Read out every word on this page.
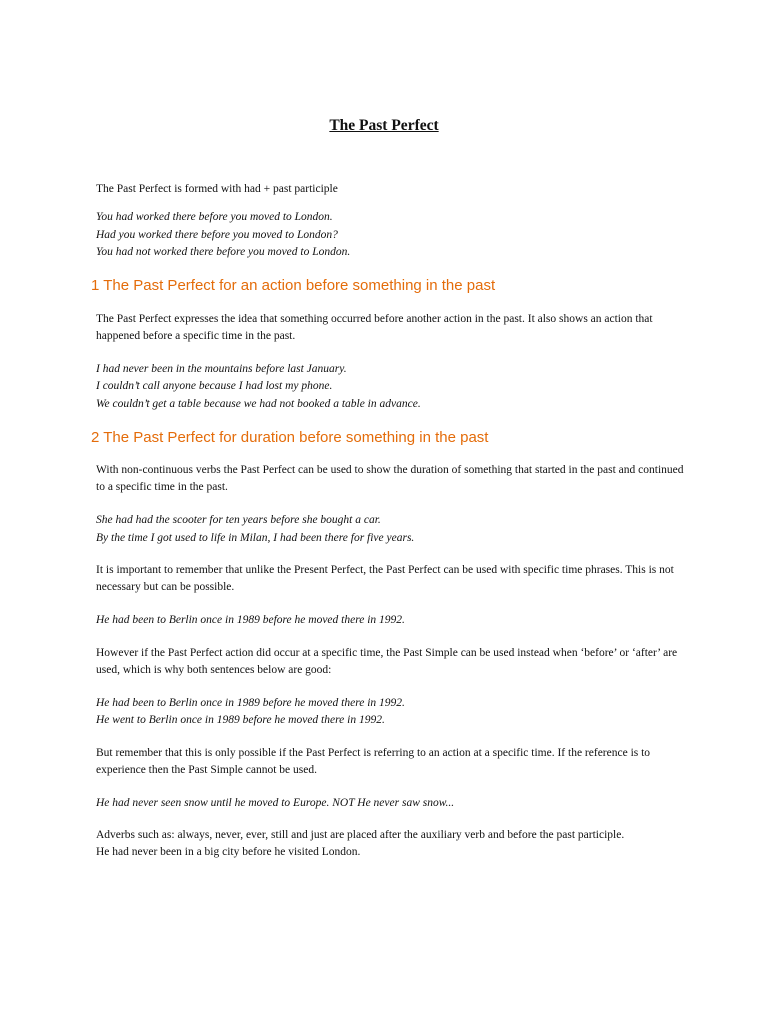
The Past Perfect

The Past Perfect is formed with had + past participle

You had worked there before you moved to London.

Had you worked there before you moved to London?

You had not worked there before you moved to London.

1 The Past Perfect for an action before something in the past

The Past Perfect expresses the idea that something occurred before another action in the past. It also shows an action that happened before a specific time in the past.

I had never been in the mountains before last January.

I couldn’t call anyone because I had lost my phone.

We couldn’t get a table because we had not booked a table in advance.

2 The Past Perfect for duration before something in the past

With non-continuous verbs the Past Perfect can be used to show the duration of something that started in the past and continued to a specific time in the past.

She had had the scooter for ten years before she bought a car.

By the time I got used to life in Milan, I had been there for five years.

It is important to remember that unlike the Present Perfect, the Past Perfect can be used with specific time phrases. This is not necessary but can be possible.

He had been to Berlin once in 1989 before he moved there in 1992.

However if the Past Perfect action did occur at a specific time, the Past Simple can be used instead when ‘before’ or ‘after’ are used, which is why both sentences below are good:

He had been to Berlin once in 1989 before he moved there in 1992.

He went to Berlin once in 1989 before he moved there in 1992.

But remember that this is only possible if the Past Perfect is referring to an action at a specific time. If the reference is to experience then the Past Simple cannot be used.

He had never seen snow until he moved to Europe. NOT He never saw snow...

Adverbs such as: always, never, ever, still and just are placed after the auxiliary verb and before the past participle.

He had never been in a big city before he visited London.
